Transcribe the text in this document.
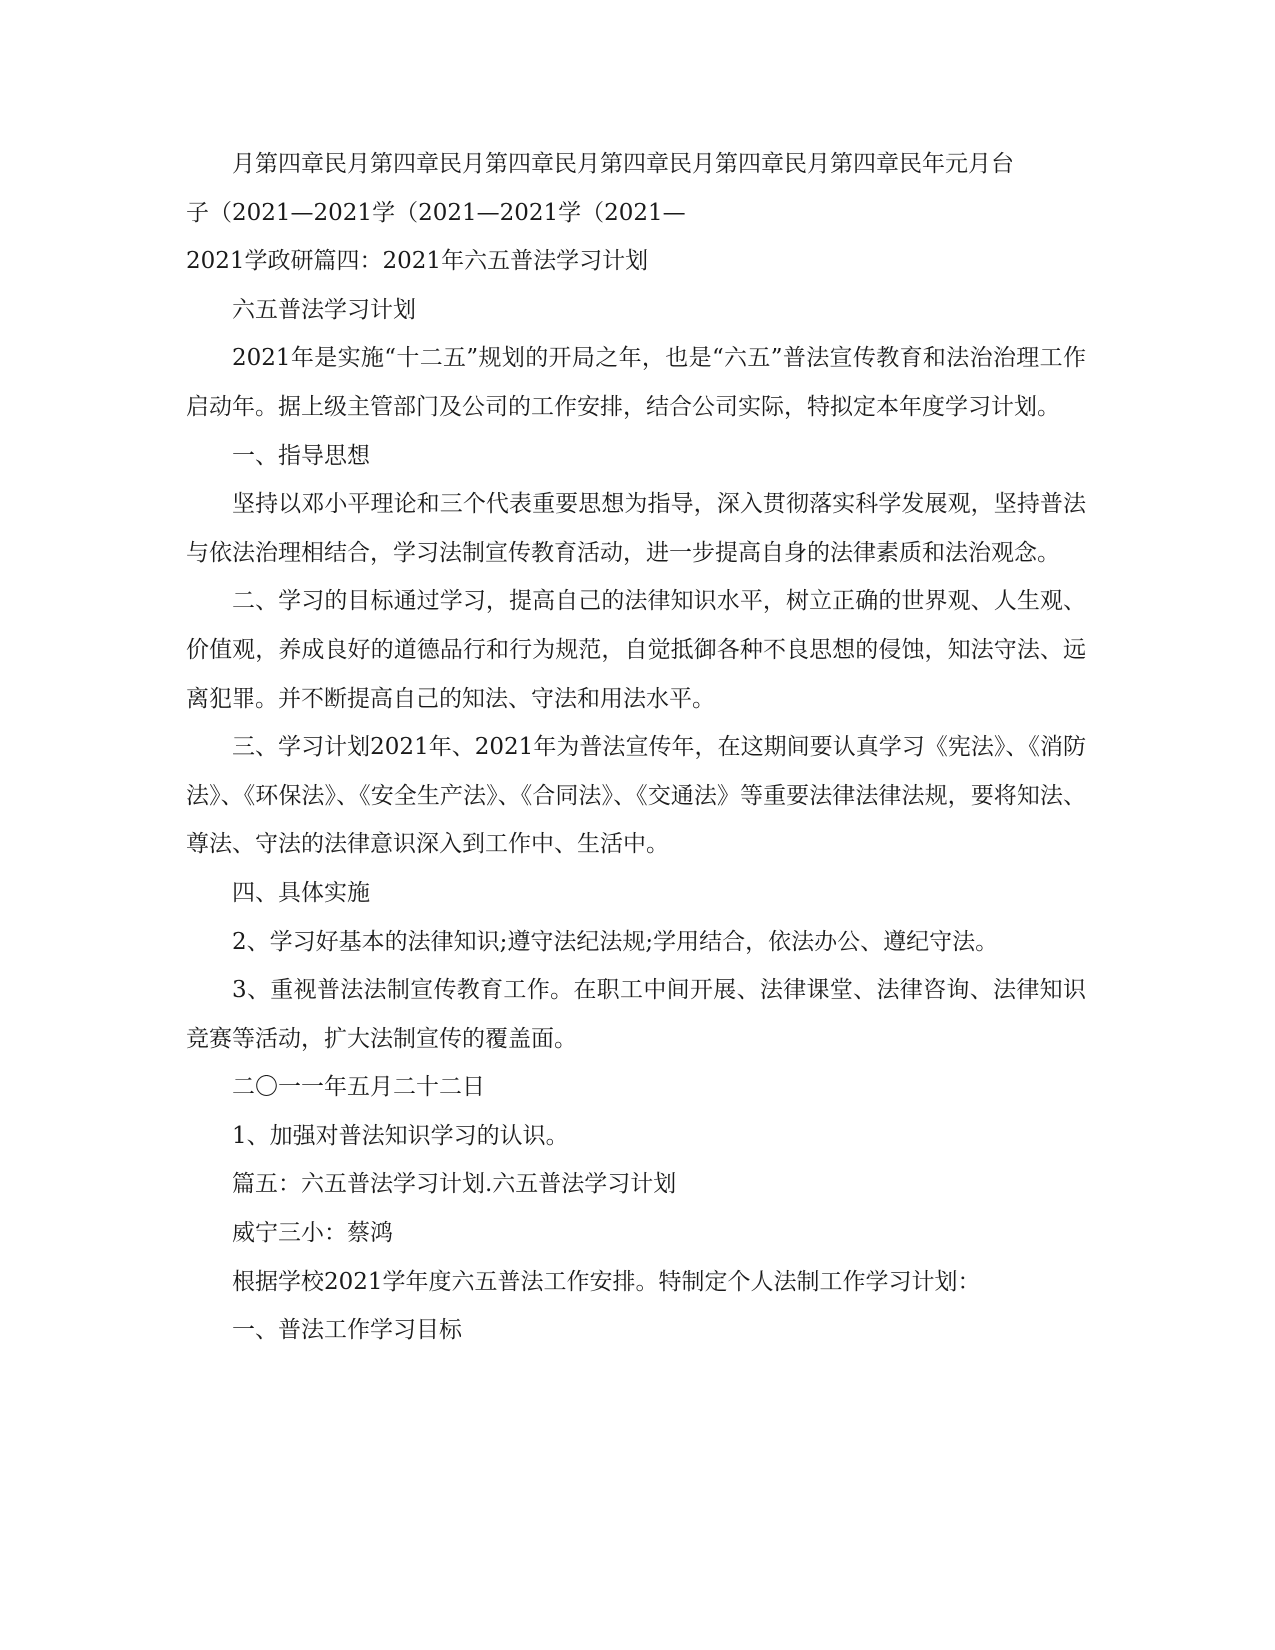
月第四章民月第四章民月第四章民月第四章民月第四章民月第四章民年元月台

子（2021—2021学（2021—2021学（2021—

2021学政研篇四：2021年六五普法学习计划

六五普法学习计划

2021年是实施“十二五”规划的开局之年，也是“六五”普法宣传教育和法治治理工作启动年。据上级主管部门及公司的工作安排，结合公司实际，特拟定本年度学习计划。

一、指导思想

坚持以邓小平理论和三个代表重要思想为指导，深入贯彻落实科学发展观，坚持普法与依法治理相结合，学习法制宣传教育活动，进一步提高自身的法律素质和法治观念。

二、学习的目标通过学习，提高自己的法律知识水平，树立正确的世界观、人生观、价值观，养成良好的道德品行和行为规范，自觉抵御各种不良思想的侵蚀，知法守法、远离犯罪。并不断提高自己的知法、守法和用法水平。

三、学习计划2021年、2021年为普法宣传年，在这期间要认真学习《宪法》、《消防法》、《环保法》、《安全生产法》、《合同法》、《交通法》等重要法律法律法规，要将知法、尊法、守法的法律意识深入到工作中、生活中。

四、具体实施

2、学习好基本的法律知识;遵守法纪法规;学用结合，依法办公、遵纪守法。

3、重视普法法制宣传教育工作。在职工中间开展、法律课堂、法律咨询、法律知识竞赛等活动，扩大法制宣传的覆盖面。

二〇一一年五月二十二日

1、加强对普法知识学习的认识。

篇五：六五普法学习计划.六五普法学习计划

威宁三小：蔡鸿

根据学校2021学年度六五普法工作安排。特制定个人法制工作学习计划：

一、普法工作学习目标
